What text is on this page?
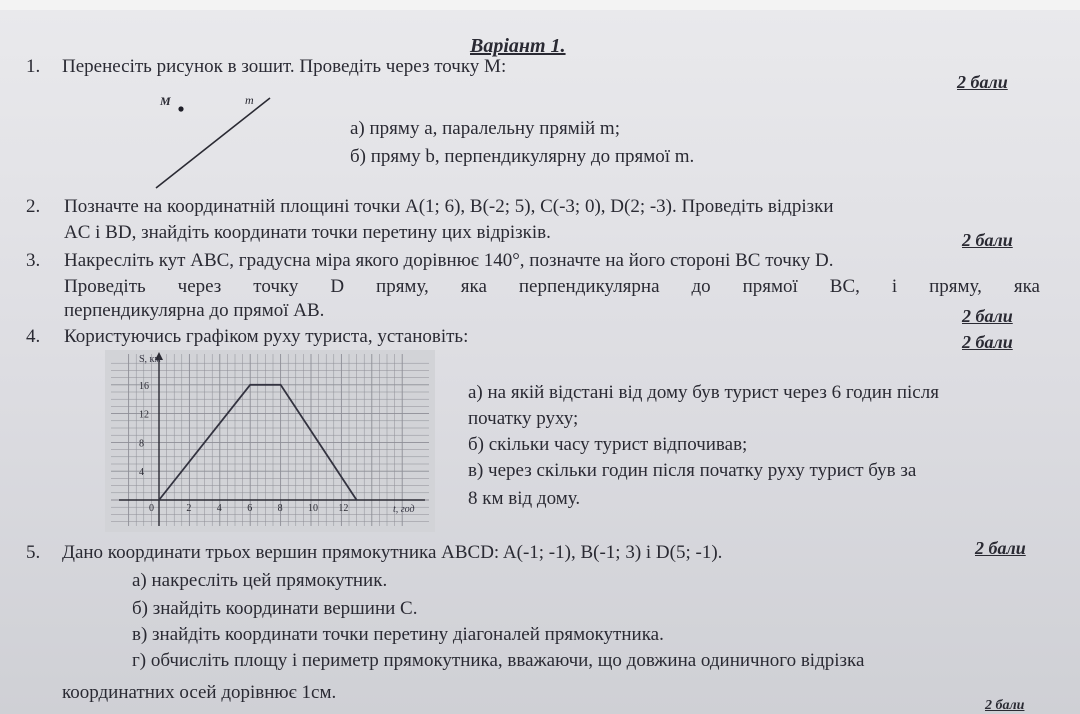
Варіант 1.
1. Перенесіть рисунок в зошит. Проведіть через точку M:
2 бали
M	m
а) пряму a, паралельну прямій m;
б) пряму b, перпендикулярну до прямої m.
2. Позначте на координатній площині точки A(1; 6), B(-2; 5), C(-3; 0), D(2; -3). Проведіть відрізки
AC і BD, знайдіть координати точки перетину цих відрізків.	2 бали
3. Накресліть кут ABC, градусна міра якого дорівнює 140°, позначте на його стороні BC точку D.
Проведіть через точку D пряму, яка перпендикулярна до прямої BC, і пряму, яка
перпендикулярна до прямої AB.	2 бали
4. Користуючись графіком руху туриста, установіть:	2 бали
0	2	4	6	8	10 12
4
8
12
16
S, км
t, год
а) на якій відстані від дому був турист через 6 годин після
початку руху;
б) скільки часу турист відпочивав;
в) через скільки годин після початку руху турист був за
8 км від дому.
5. Дано координати трьох вершин прямокутника ABCD: A(-1; -1), B(-1; 3) і D(5; -1).	2 бали
а) накресліть цей прямокутник.
б) знайдіть координати вершини C.
в) знайдіть координати точки перетину діагоналей прямокутника.
г) обчисліть площу і периметр прямокутника, вважаючи, що довжина одиничного відрізка
координатних осей дорівнює 1см.
2 бали
